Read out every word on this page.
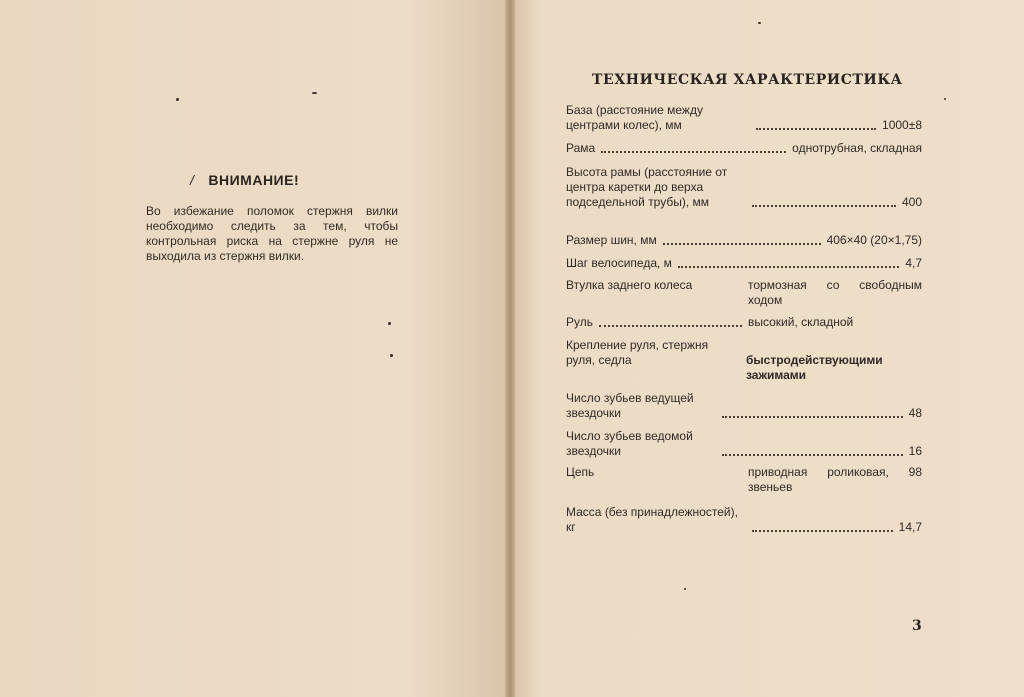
/ ВНИМАНИЕ!
Во избежание поломок стержня вилки необходимо следить за тем, чтобы контрольная риска на стержне руля не выходила из стержня вилки.
ТЕХНИЧЕСКАЯ ХАРАКТЕРИСТИКА
База (расстояние между центрами колес), мм	1000±8
Рама	однотрубная, складная
Высота рамы (расстояние от центра каретки до верха подседельной трубы), мм	400
Размер шин, мм	406×40 (20×1,75)
Шаг велосипеда, м	4,7
Втулка заднего колеса	тормозная со свободным ходом
Руль	высокий, складной
Крепление руля, стержня руля, седла	быстродействующими зажимами
Число зубьев ведущей звездочки	48
Число зубьев ведомой звездочки	16
Цепь	приводная роликовая, 98 звеньев
Масса (без принадлежностей), кг	14,7
3
